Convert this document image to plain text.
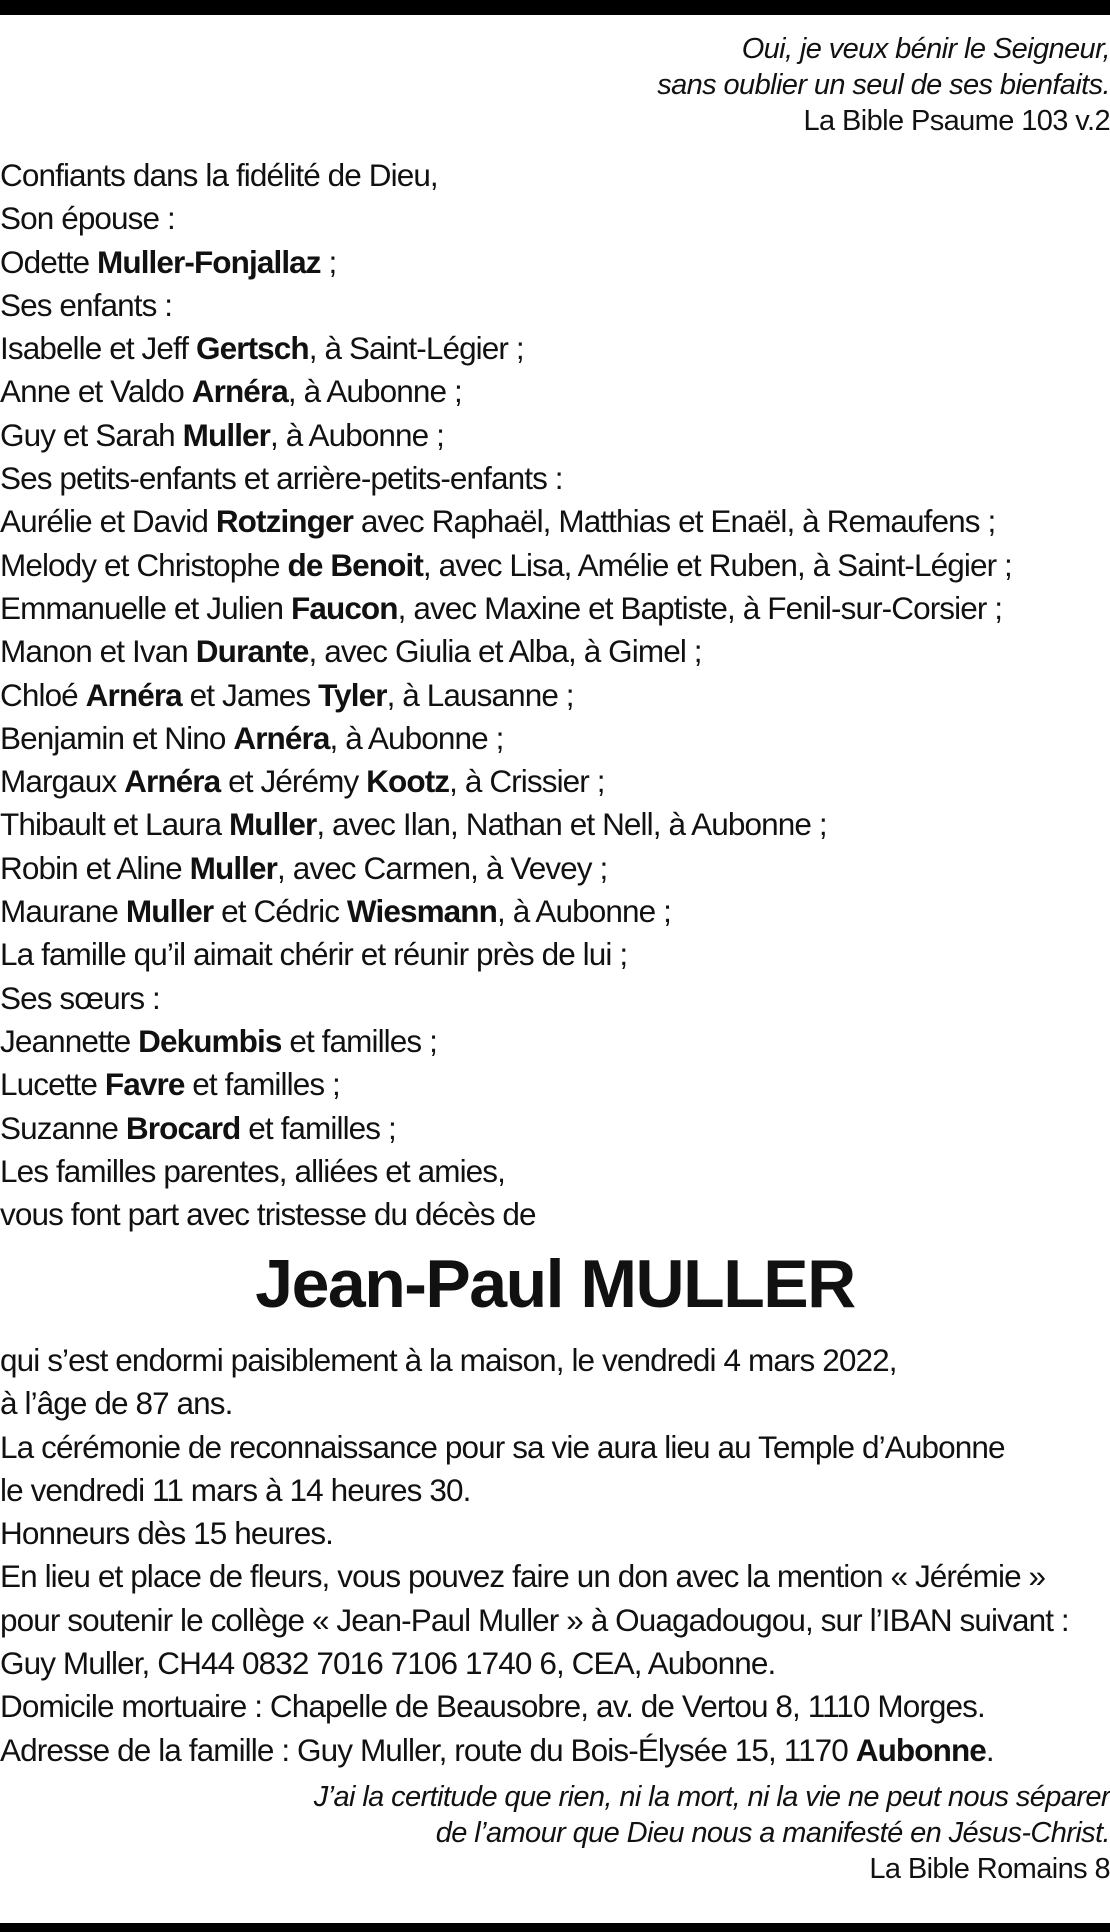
Oui, je veux bénir le Seigneur,
sans oublier un seul de ses bienfaits.
La Bible Psaume 103 v.2
Confiants dans la fidélité de Dieu,
Son épouse :
Odette Muller-Fonjallaz ;
Ses enfants :
Isabelle et Jeff Gertsch, à Saint-Légier ;
Anne et Valdo Arnéra, à Aubonne ;
Guy et Sarah Muller, à Aubonne ;
Ses petits-enfants et arrière-petits-enfants :
Aurélie et David Rotzinger avec Raphaël, Matthias et Enaël, à Remaufens ;
Melody et Christophe de Benoit, avec Lisa, Amélie et Ruben, à Saint-Légier ;
Emmanuelle et Julien Faucon, avec Maxine et Baptiste, à Fenil-sur-Corsier ;
Manon et Ivan Durante, avec Giulia et Alba, à Gimel ;
Chloé Arnéra et James Tyler, à Lausanne ;
Benjamin et Nino Arnéra, à Aubonne ;
Margaux Arnéra et Jérémy Kootz, à Crissier ;
Thibault et Laura Muller, avec Ilan, Nathan et Nell, à Aubonne ;
Robin et Aline Muller, avec Carmen, à Vevey ;
Maurane Muller et Cédric Wiesmann, à Aubonne ;
La famille qu’il aimait chérir et réunir près de lui ;
Ses sœurs :
Jeannette Dekumbis et familles ;
Lucette Favre et familles ;
Suzanne Brocard et familles ;
Les familles parentes, alliées et amies,
vous font part avec tristesse du décès de
Jean-Paul MULLER
qui s’est endormi paisiblement à la maison, le vendredi 4 mars 2022,
à l’âge de 87 ans.
La cérémonie de reconnaissance pour sa vie aura lieu au Temple d’Aubonne
le vendredi 11 mars à 14 heures 30.
Honneurs dès 15 heures.
En lieu et place de fleurs, vous pouvez faire un don avec la mention « Jérémie »
pour soutenir le collège « Jean-Paul Muller » à Ouagadougou, sur l’IBAN suivant :
Guy Muller, CH44 0832 7016 7106 1740 6, CEA, Aubonne.
Domicile mortuaire : Chapelle de Beausobre, av. de Vertou 8, 1110 Morges.
Adresse de la famille : Guy Muller, route du Bois-Élysée 15, 1170 Aubonne.
J’ai la certitude que rien, ni la mort, ni la vie ne peut nous séparer
de l’amour que Dieu nous a manifesté en Jésus-Christ.
La Bible Romains 8
